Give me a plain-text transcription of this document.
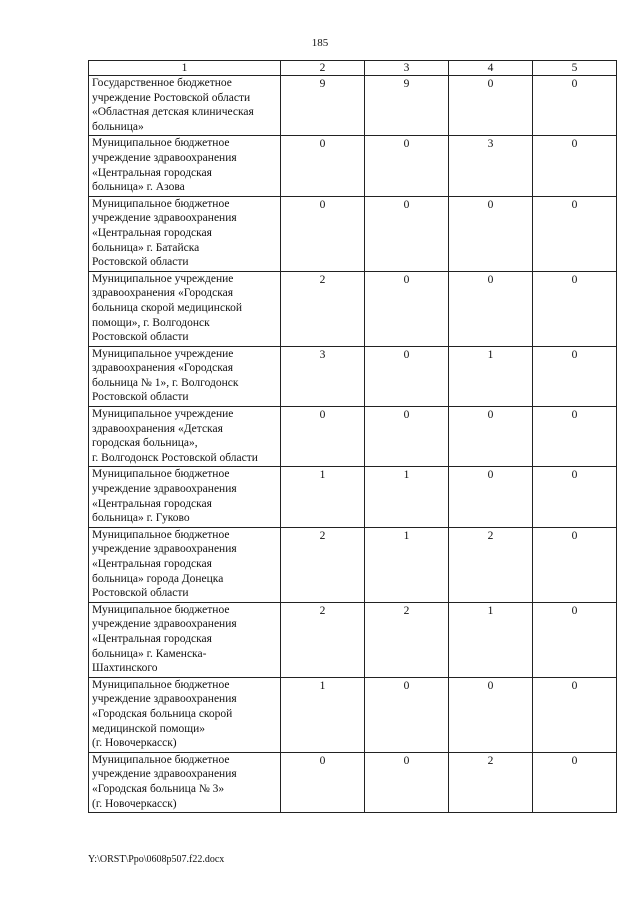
185
1	2	3	4	5

Государственное бюджетное
учреждение Ростовской области
«Областная детская клиническая
больница»	9	9	0	0

Муниципальное бюджетное
учреждение здравоохранения
«Центральная городская
больница» г. Азова	0	0	3	0

Муниципальное бюджетное
учреждение здравоохранения
«Центральная городская
больница» г. Батайска
Ростовской области	0	0	0	0

Муниципальное учреждение
здравоохранения «Городская
больница скорой медицинской
помощи», г. Волгодонск
Ростовской области	2	0	0	0

Муниципальное учреждение
здравоохранения «Городская
больница № 1», г. Волгодонск
Ростовской области	3	0	1	0

Муниципальное учреждение
здравоохранения «Детская
городская больница»,
г. Волгодонск Ростовской области	0	0	0	0

Муниципальное бюджетное
учреждение здравоохранения
«Центральная городская
больница» г. Гуково	1	1	0	0

Муниципальное бюджетное
учреждение здравоохранения
«Центральная городская
больница» города Донецка
Ростовской области	2	1	2	0

Муниципальное бюджетное
учреждение здравоохранения
«Центральная городская
больница» г. Каменска-
Шахтинского	2	2	1	0

Муниципальное бюджетное
учреждение здравоохранения
«Городская больница скорой
медицинской помощи»
(г. Новочеркасск)	1	0	0	0

Муниципальное бюджетное
учреждение здравоохранения
«Городская больница № 3»
(г. Новочеркасск)	0	0	2	0
Y:\ORST\Ppo\0608p507.f22.docx
